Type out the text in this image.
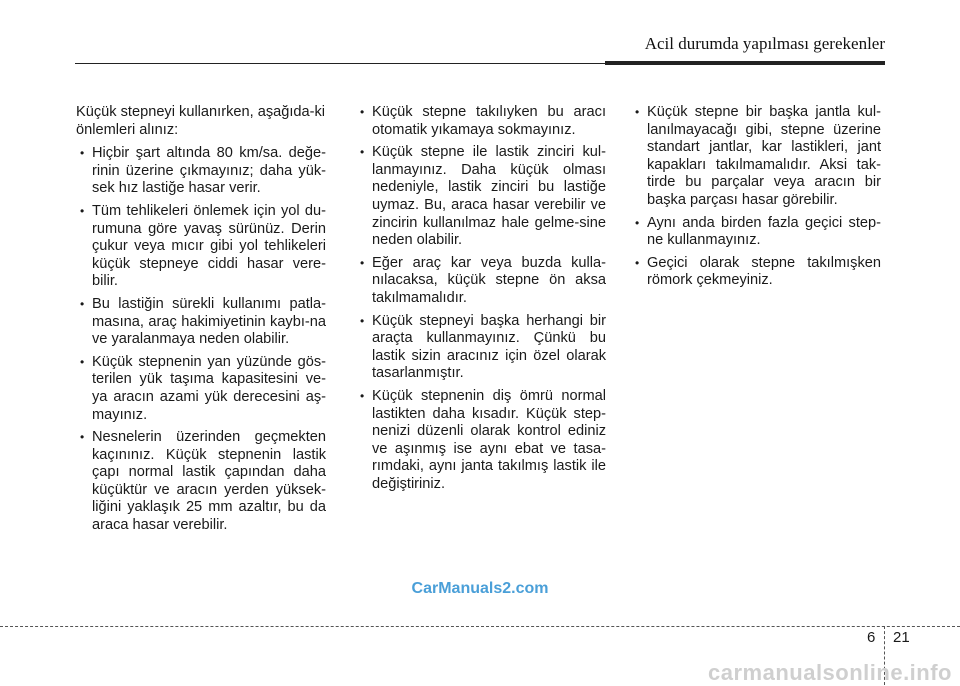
Acil durumda yapılması gerekenler

Küçük stepneyi kullanırken, aşağıda-ki önlemleri alınız:

• Hiçbir şart altında 80 km/sa. değe-rinin üzerine çıkmayınız; daha yük-sek hız lastiğe hasar verir.
• Tüm tehlikeleri önlemek için yol du-rumuna göre yavaş sürünüz. Derin çukur veya mıcır gibi yol tehlikeleri küçük stepneye ciddi hasar vere-bilir.
• Bu lastiğin sürekli kullanımı patla-masına, araç hakimiyetinin kaybı-na ve yaralanmaya neden olabilir.
• Küçük stepnenin yan yüzünde gös-terilen yük taşıma kapasitesini ve-ya aracın azami yük derecesini aş-mayınız.
• Nesnelerin üzerinden geçmekten kaçınınız. Küçük stepnenin lastik çapı normal lastik çapından daha küçüktür ve aracın yerden yüksek-liğini yaklaşık 25 mm azaltır, bu da araca hasar verebilir.
• Küçük stepne takılıyken bu aracı otomatik yıkamaya sokmayınız.
• Küçük stepne ile lastik zinciri kul-lanmayınız. Daha küçük olması nedeniyle, lastik zinciri bu lastiğe uymaz. Bu, araca hasar verebilir ve zincirin kullanılmaz hale gelme-sine neden olabilir.
• Eğer araç kar veya buzda kulla-nılacaksa, küçük stepne ön aksa takılmamalıdır.
• Küçük stepneyi başka herhangi bir araçta kullanmayınız. Çünkü bu lastik sizin aracınız için özel olarak tasarlanmıştır.
• Küçük stepnenin diş ömrü normal lastikten daha kısadır. Küçük step-nenizi düzenli olarak kontrol ediniz ve aşınmış ise aynı ebat ve tasa-rımdaki, aynı janta takılmış lastik ile değiştiriniz.
• Küçük stepne bir başka jantla kul-lanılmayacağı gibi, stepne üzerine standart jantlar, kar lastikleri, jant kapakları takılmamalıdır. Aksi tak-tirde bu parçalar veya aracın bir başka parçası hasar görebilir.
• Aynı anda birden fazla geçici step-ne kullanmayınız.
• Geçici olarak stepne takılmışken römork çekmeyiniz.
CarManuals2.com
6 21
carmanualsonline.info
